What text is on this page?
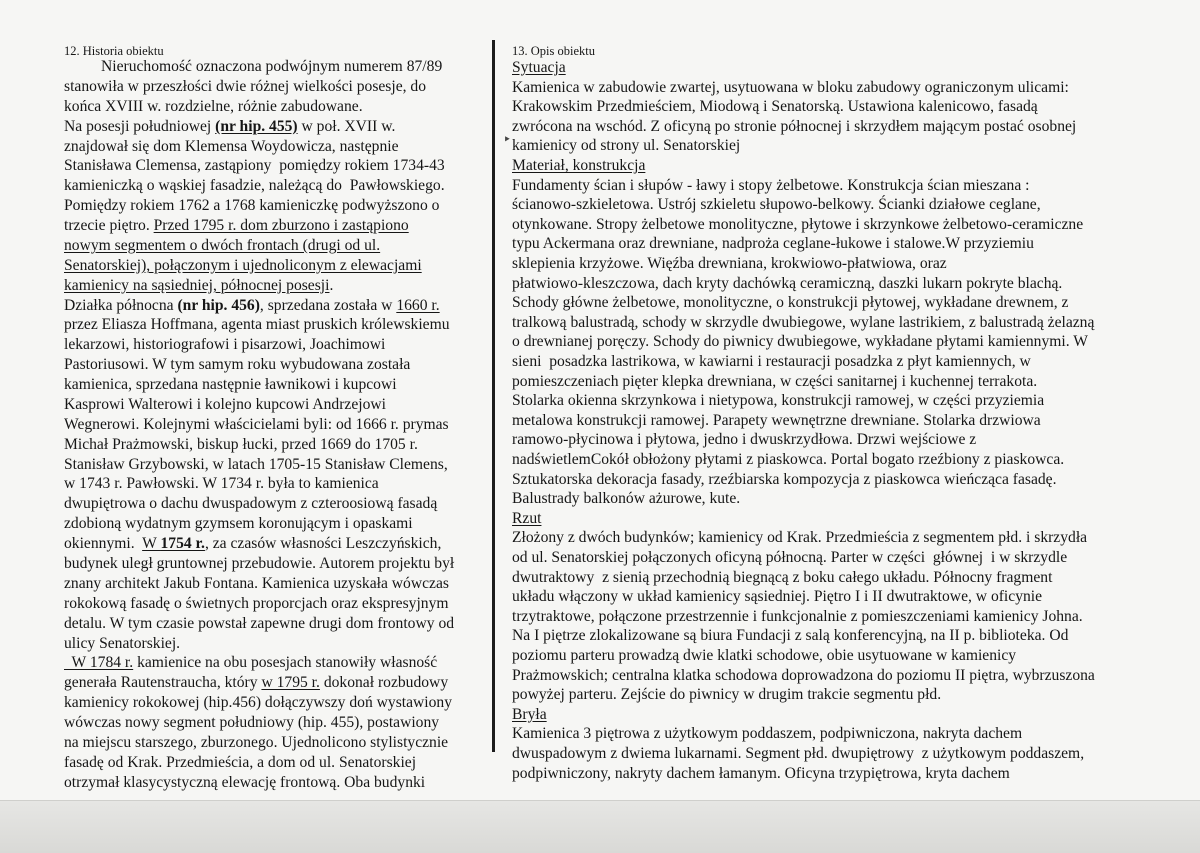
12. Historia obiektu
Nieruchomość oznaczona podwójnym numerem 87/89
stanowiła w przeszłości dwie różnej wielkości posesje, do
końca XVIII w. rozdzielne, różnie zabudowane.
Na posesji południowej (nr hip. 455) w poł. XVII w.
znajdował się dom Klemensa Woydowicza, następnie
Stanisława Clemensa, zastąpiony  pomiędzy rokiem 1734-43
kamieniczką o wąskiej fasadzie, należącą do  Pawłowskiego.
Pomiędzy rokiem 1762 a 1768 kamieniczkę podwyższono o
trzecie piętro. Przed 1795 r. dom zburzono i zastąpiono
nowym segmentem o dwóch frontach (drugi od ul.
Senatorskiej), połączonym i ujednoliconym z elewacjami
kamienicy na sąsiedniej, północnej posesji.
Działka północna (nr hip. 456), sprzedana została w 1660 r.
przez Eliasza Hoffmana, agenta miast pruskich królewskiemu
lekarzowi, historiografowi i pisarzowi, Joachimowi
Pastoriusowi. W tym samym roku wybudowana została
kamienica, sprzedana następnie ławnikowi i kupcowi
Kasprowi Walterowi i kolejno kupcowi Andrzejowi
Wegnerowi. Kolejnymi właścicielami byli: od 1666 r. prymas
Michał Prażmowski, biskup łucki, przed 1669 do 1705 r.
Stanisław Grzybowski, w latach 1705-15 Stanisław Clemens,
w 1743 r. Pawłowski. W 1734 r. była to kamienica
dwupiętrowa o dachu dwuspadowym z czteroosiową fasadą
zdobioną wydatnym gzymsem koronującym i opaskami
okiennymi.  W 1754 r., za czasów własności Leszczyńskich,
budynek uległ gruntownej przebudowie. Autorem projektu był
znany architekt Jakub Fontana. Kamienica uzyskała wówczas
rokokową fasadę o świetnych proporcjach oraz ekspresyjnym
detalu. W tym czasie powstał zapewne drugi dom frontowy od
ulicy Senatorskiej.
W 1784 r. kamienice na obu posesjach stanowiły własność
generała Rautenstraucha, który w 1795 r. dokonał rozbudowy
kamienicy rokokowej (hip.456) dołączywszy doń wystawiony
wówczas nowy segment południowy (hip. 455), postawiony
na miejscu starszego, zburzonego. Ujednolicono stylistycznie
fasadę od Krak. Przedmieścia, a dom od ul. Senatorskiej
otrzymał klasycystyczną elewację frontową. Oba budynki
13. Opis obiektu
Sytuacja
Kamienica w zabudowie zwartej, usytuowana w bloku zabudowy ograniczonym ulicami:
Krakowskim Przedmieściem, Miodową i Senatorską. Ustawiona kalenicowo, fasadą
zwrócona na wschód. Z oficyną po stronie północnej i skrzydłem mającym postać osobnej
kamienicy od strony ul. Senatorskiej
Materiał, konstrukcja
Fundamenty ścian i słupów - ławy i stopy żelbetowe. Konstrukcja ścian mieszana :
ścianowo-szkieletowa. Ustrój szkieletu słupowo-belkowy. Ścianki działowe ceglane,
otynkowane. Stropy żelbetowe monolityczne, płytowe i skrzynkowe żelbetowo-ceramiczne
typu Ackermana oraz drewniane, nadproża ceglane-łukowe i stalowe.W przyziemiu
sklepienia krzyżowe. Więźba drewniana, krokwiowo-płatwiowa, oraz
płatwiowo-kleszczowa, dach kryty dachówką ceramiczną, daszki lukarn pokryte blachą.
Schody główne żelbetowe, monolityczne, o konstrukcji płytowej, wykładane drewnem, z
tralkową balustradą, schody w skrzydle dwubiegowe, wylane lastrikiem, z balustradą żelazną
o drewnianej poręczy. Schody do piwnicy dwubiegowe, wykładane płytami kamiennymi. W
sieni  posadzka lastrikowa, w kawiarni i restauracji posadzka z płyt kamiennych, w
pomieszczeniach pięter klepka drewniana, w części sanitarnej i kuchennej terrakota.
Stolarka okienna skrzynkowa i nietypowa, konstrukcji ramowej, w części przyziemia
metalowa konstrukcji ramowej. Parapety wewnętrzne drewniane. Stolarka drzwiowa
ramowo-płycinowa i płytowa, jedno i dwuskrzydłowa. Drzwi wejściowe z
nadświetlemCokół obłożony płytami z piaskowca. Portal bogato rzeźbiony z piaskowca.
Sztukatorska dekoracja fasady, rzeźbiarska kompozycja z piaskowca wieńcząca fasadę.
Balustrady balkonów ażurowe, kute.
Rzut
Złożony z dwóch budynków; kamienicy od Krak. Przedmieścia z segmentem płd. i skrzydła
od ul. Senatorskiej połączonych oficyną północną. Parter w części  głównej  i w skrzydle
dwutraktowy  z sienią przechodnią biegnącą z boku całego układu. Północny fragment
układu włączony w układ kamienicy sąsiedniej. Piętro I i II dwutraktowe, w oficynie
trzytraktowe, połączone przestrzennie i funkcjonalnie z pomieszczeniami kamienicy Johna.
Na I piętrze zlokalizowane są biura Fundacji z salą konferencyjną, na II p. biblioteka. Od
poziomu parteru prowadzą dwie klatki schodowe, obie usytuowane w kamienicy
Prażmowskich; centralna klatka schodowa doprowadzona do poziomu II piętra, wybrzuszona
powyżej parteru. Zejście do piwnicy w drugim trakcie segmentu płd.
Bryła
Kamienica 3 piętrowa z użytkowym poddaszem, podpiwniczona, nakryta dachem
dwuspadowym z dwiema lukarnami. Segment płd. dwupiętrowy  z użytkowym poddaszem,
podpiwniczony, nakryty dachem łamanym. Oficyna trzypiętrowa, kryta dachem
‣
